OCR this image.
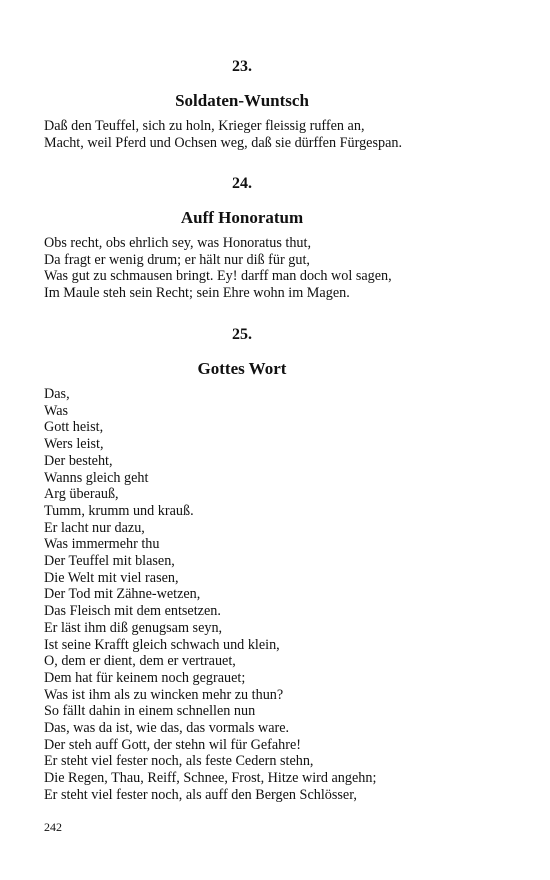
23.
Soldaten-Wuntsch
Daß den Teuffel, sich zu holn, Krieger fleissig ruffen an,
Macht, weil Pferd und Ochsen weg, daß sie dürffen Fürgespan.
24.
Auff Honoratum
Obs recht, obs ehrlich sey, was Honoratus thut,
Da fragt er wenig drum; er hält nur diß für gut,
Was gut zu schmausen bringt. Ey! darff man doch wol sagen,
Im Maule steh sein Recht; sein Ehre wohn im Magen.
25.
Gottes Wort
Das,
Was
Gott heist,
Wers leist,
Der besteht,
Wanns gleich geht
Arg überauß,
Tumm, krumm und krauß.
Er lacht nur dazu,
Was immermehr thu
Der Teuffel mit blasen,
Die Welt mit viel rasen,
Der Tod mit Zähne-wetzen,
Das Fleisch mit dem entsetzen.
Er läst ihm diß genugsam seyn,
Ist seine Krafft gleich schwach und klein,
O, dem er dient, dem er vertrauet,
Dem hat für keinem noch gegrauet;
Was ist ihm als zu wincken mehr zu thun?
So fällt dahin in einem schnellen nun
Das, was da ist, wie das, das vormals ware.
Der steh auff Gott, der stehn wil für Gefahre!
Er steht viel fester noch, als feste Cedern stehn,
Die Regen, Thau, Reiff, Schnee, Frost, Hitze wird angehn;
Er steht viel fester noch, als auff den Bergen Schlösser,
242
